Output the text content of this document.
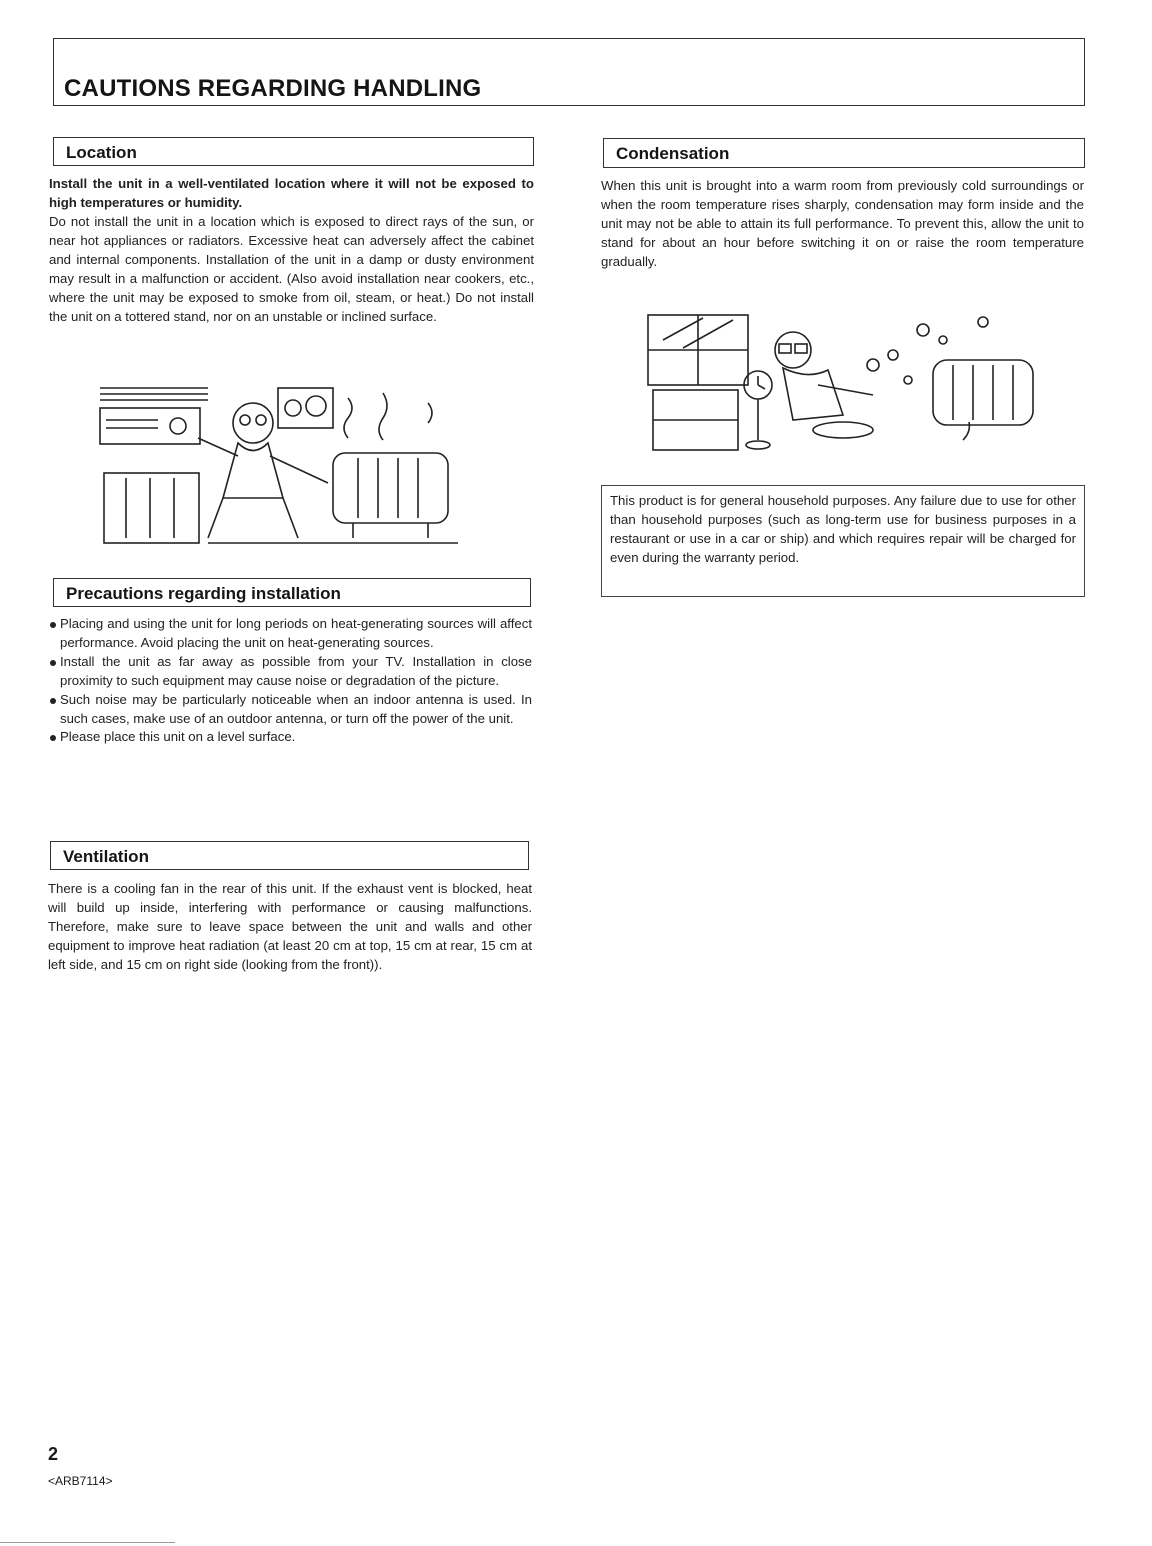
CAUTIONS REGARDING HANDLING
Location

Install the unit in a well-ventilated location where it will not be exposed to high temperatures or humidity.

Do not install the unit in a location which is exposed to direct rays of the sun, or near hot appliances or radiators. Excessive heat can adversely affect the cabinet and internal components. Installation of the unit in a damp or dusty environment may result in a malfunction or accident. (Also avoid installation near cookers, etc., where the unit may be exposed to smoke from oil, steam, or heat.) Do not install the unit on a tottered stand, nor on an unstable or inclined surface.

Precautions regarding installation
Placing and using the unit for long periods on heat-generating sources will affect performance. Avoid placing the unit on heat-generating sources.
Install the unit as far away as possible from your TV. Installation in close proximity to such equipment may cause noise or degradation of the picture.
Such noise may be particularly noticeable when an indoor antenna is used. In such cases, make use of an outdoor antenna, or turn off the power of the unit.
Please place this unit on a level surface.
Ventilation

There is a cooling fan in the rear of this unit. If the exhaust vent is blocked, heat will build up inside, interfering with performance or causing malfunctions. Therefore, make sure to leave space between the unit and walls and other equipment to improve heat radiation (at least 20 cm at top, 15 cm at rear, 15 cm at left side, and 15 cm on right side (looking from the front)).

Condensation

When this unit is brought into a warm room from previously cold surroundings or when the room temperature rises sharply, condensation may form inside and the unit may not be able to attain its full performance. To prevent this, allow the unit to stand for about an hour before switching it on or raise the room temperature gradually.

This product is for general household purposes. Any failure due to use for other than household purposes (such as long-term use for business purposes in a restaurant or use in a car or ship) and which requires repair will be charged for even during the warranty period.

2
<ARB7114>
